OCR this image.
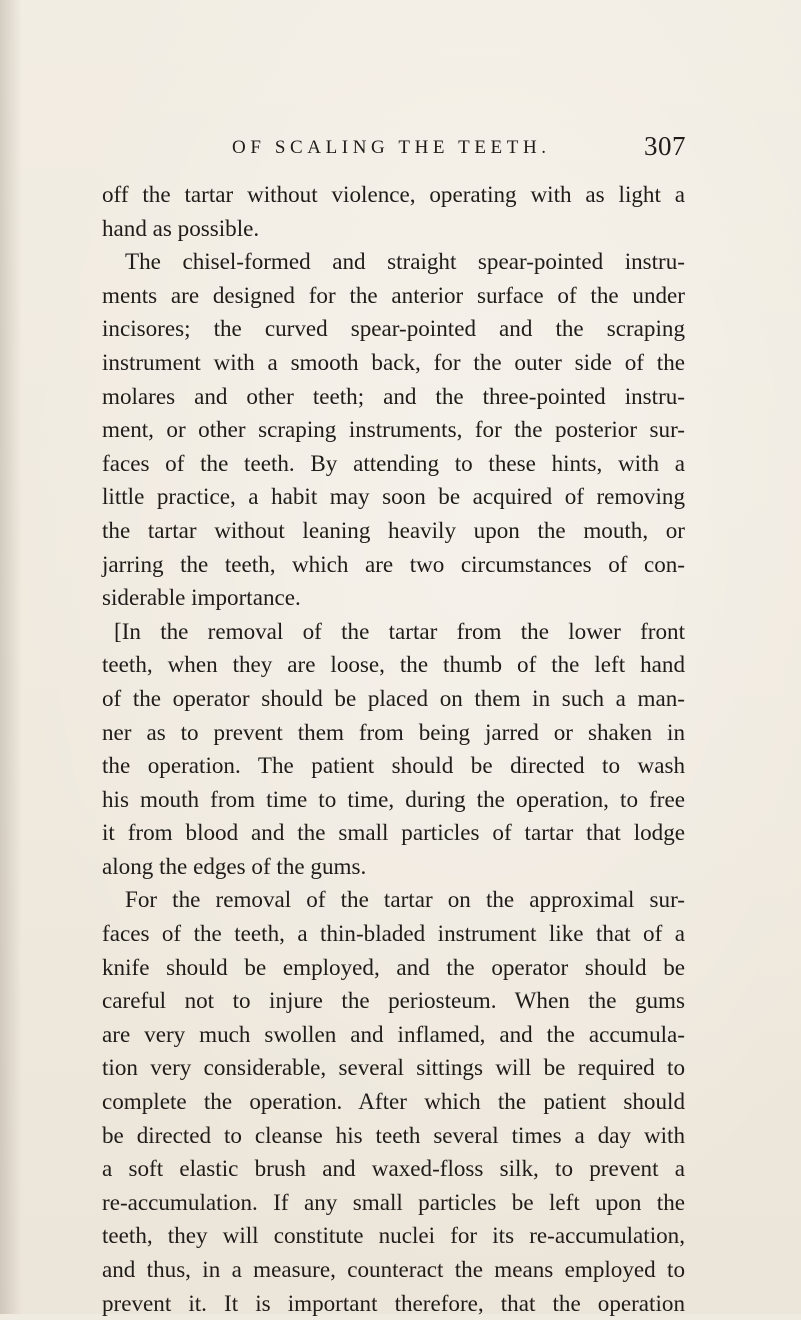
OF SCALING THE TEETH.	307
off the tartar without violence, operating with as light a
hand as possible.
The chisel-formed and straight spear-pointed instru-
ments are designed for the anterior surface of the under
incisores; the curved spear-pointed and the scraping
instrument with a smooth back, for the outer side of the
molares and other teeth; and the three-pointed instru-
ment, or other scraping instruments, for the posterior sur-
faces of the teeth. By attending to these hints, with a
little practice, a habit may soon be acquired of removing
the tartar without leaning heavily upon the mouth, or
jarring the teeth, which are two circumstances of con-
siderable importance.
[In the removal of the tartar from the lower front
teeth, when they are loose, the thumb of the left hand
of the operator should be placed on them in such a man-
ner as to prevent them from being jarred or shaken in
the operation. The patient should be directed to wash
his mouth from time to time, during the operation, to free
it from blood and the small particles of tartar that lodge
along the edges of the gums.
For the removal of the tartar on the approximal sur-
faces of the teeth, a thin-bladed instrument like that of a
knife should be employed, and the operator should be
careful not to injure the periosteum. When the gums
are very much swollen and inflamed, and the accumula-
tion very considerable, several sittings will be required to
complete the operation. After which the patient should
be directed to cleanse his teeth several times a day with
a soft elastic brush and waxed-floss silk, to prevent a
re-accumulation. If any small particles be left upon the
teeth, they will constitute nuclei for its re-accumulation,
and thus, in a measure, counteract the means employed to
prevent it. It is important therefore, that the operation
